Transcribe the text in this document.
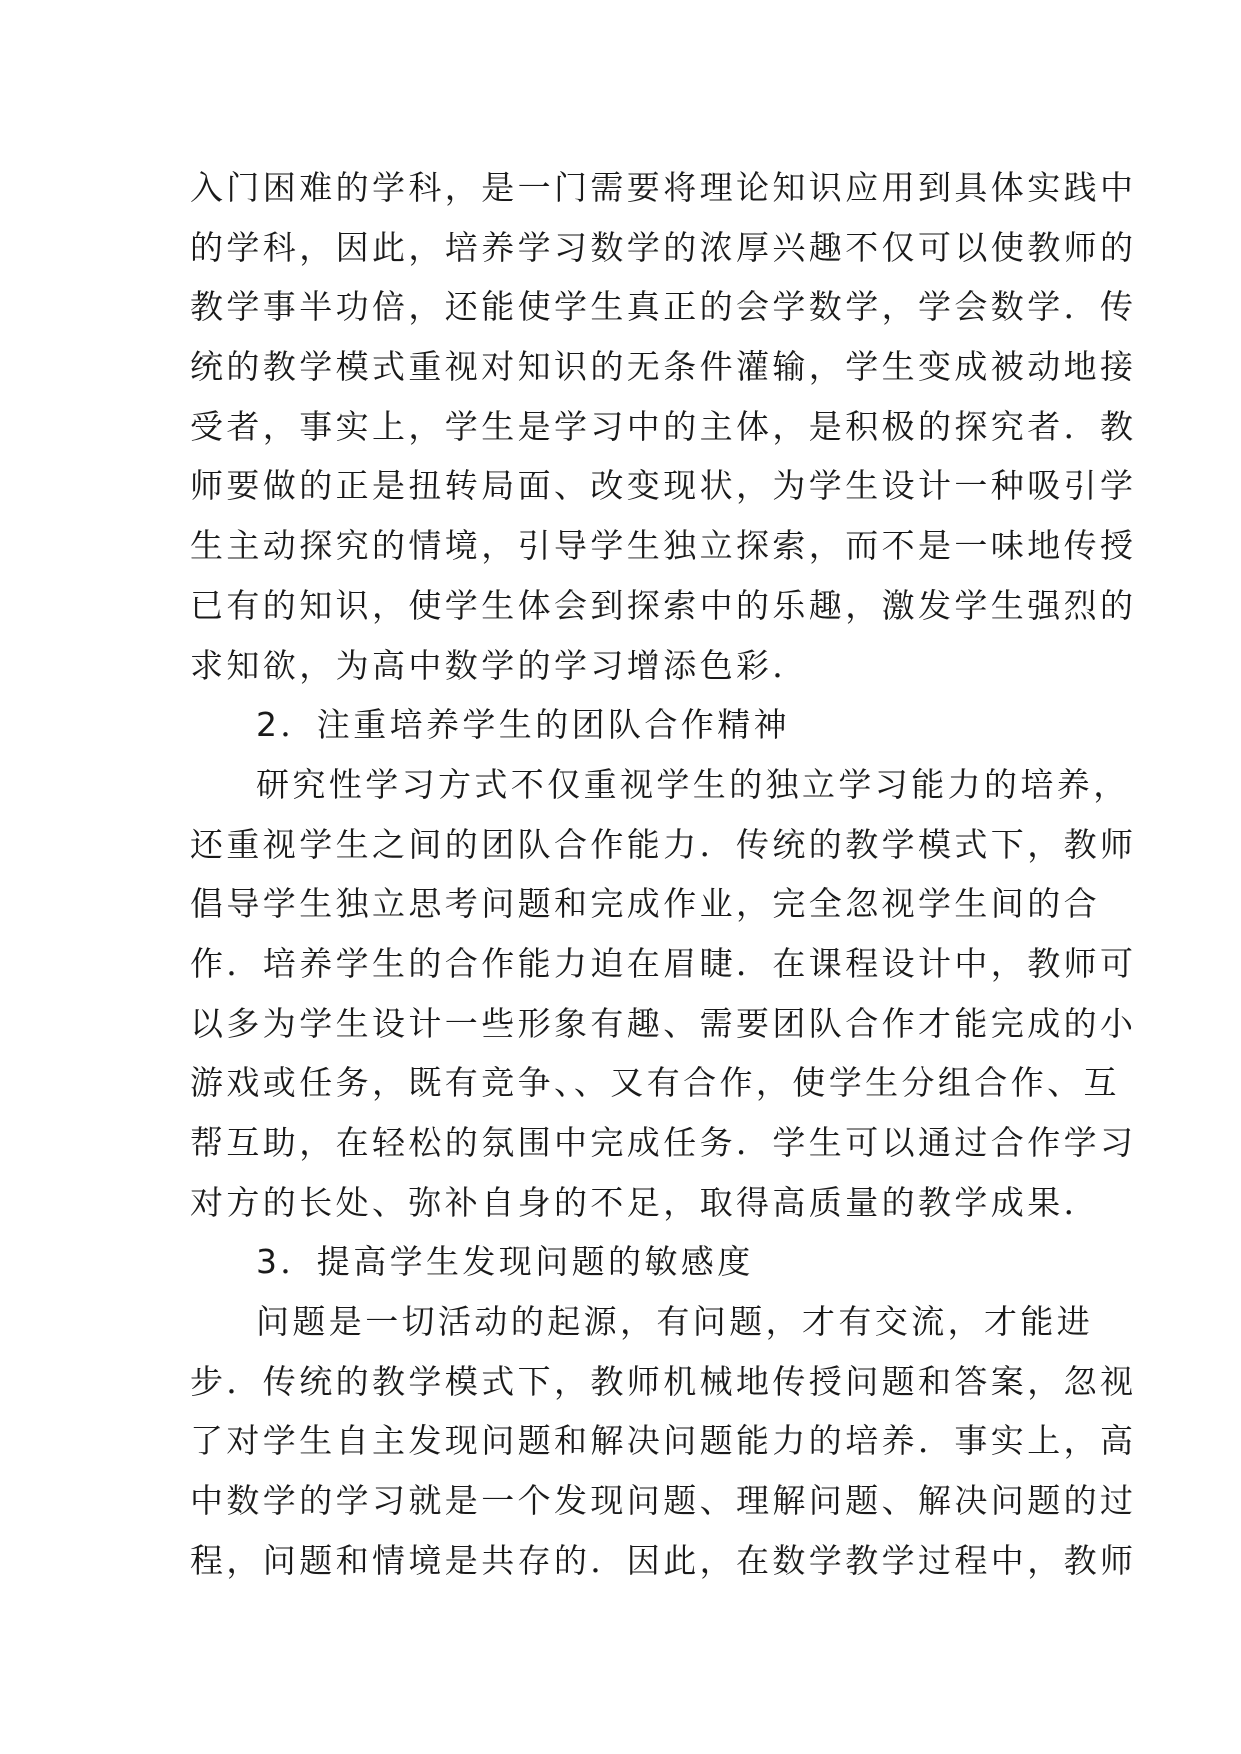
入门困难的学科，是一门需要将理论知识应用到具体实践中
的学科，因此，培养学习数学的浓厚兴趣不仅可以使教师的
教学事半功倍，还能使学生真正的会学数学，学会数学．传
统的教学模式重视对知识的无条件灌输，学生变成被动地接
受者，事实上，学生是学习中的主体，是积极的探究者．教
师要做的正是扭转局面、改变现状，为学生设计一种吸引学
生主动探究的情境，引导学生独立探索，而不是一味地传授
已有的知识，使学生体会到探索中的乐趣，激发学生强烈的
求知欲，为高中数学的学习增添色彩．
2．注重培养学生的团队合作精神
研究性学习方式不仅重视学生的独立学习能力的培养，
还重视学生之间的团队合作能力．传统的教学模式下，教师
倡导学生独立思考问题和完成作业，完全忽视学生间的合
作．培养学生的合作能力迫在眉睫．在课程设计中，教师可
以多为学生设计一些形象有趣、需要团队合作才能完成的小
游戏或任务，既有竞争、、又有合作，使学生分组合作、互
帮互助，在轻松的氛围中完成任务．学生可以通过合作学习
对方的长处、弥补自身的不足，取得高质量的教学成果．
3．提高学生发现问题的敏感度
问题是一切活动的起源，有问题，才有交流，才能进
步．传统的教学模式下，教师机械地传授问题和答案，忽视
了对学生自主发现问题和解决问题能力的培养．事实上，高
中数学的学习就是一个发现问题、理解问题、解决问题的过
程，问题和情境是共存的．因此，在数学教学过程中，教师
